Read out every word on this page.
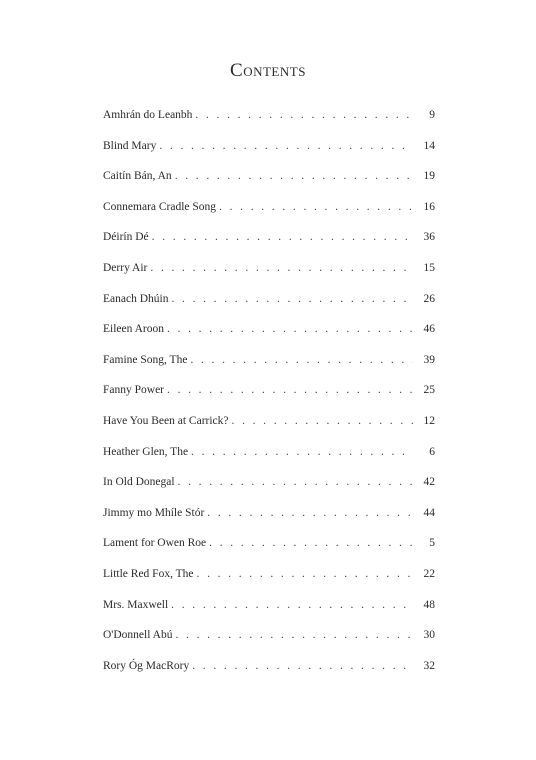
Contents
Amhrán do Leanbh . . .	9
Blind Mary . . .	14
Caitín Bán, An . . .	19
Connemara Cradle Song . . .	16
Déirín Dé . . .	36
Derry Air . . .	15
Eanach Dhúin . . .	26
Eileen Aroon . . .	46
Famine Song, The . . .	39
Fanny Power . . .	25
Have You Been at Carrick? . . .	12
Heather Glen, The . . .	6
In Old Donegal . . .	42
Jimmy mo Mhíle Stór . . .	44
Lament for Owen Roe . . .	5
Little Red Fox, The . . .	22
Mrs. Maxwell . . .	48
O'Donnell Abú . . .	30
Rory Óg MacRory . . .	32
